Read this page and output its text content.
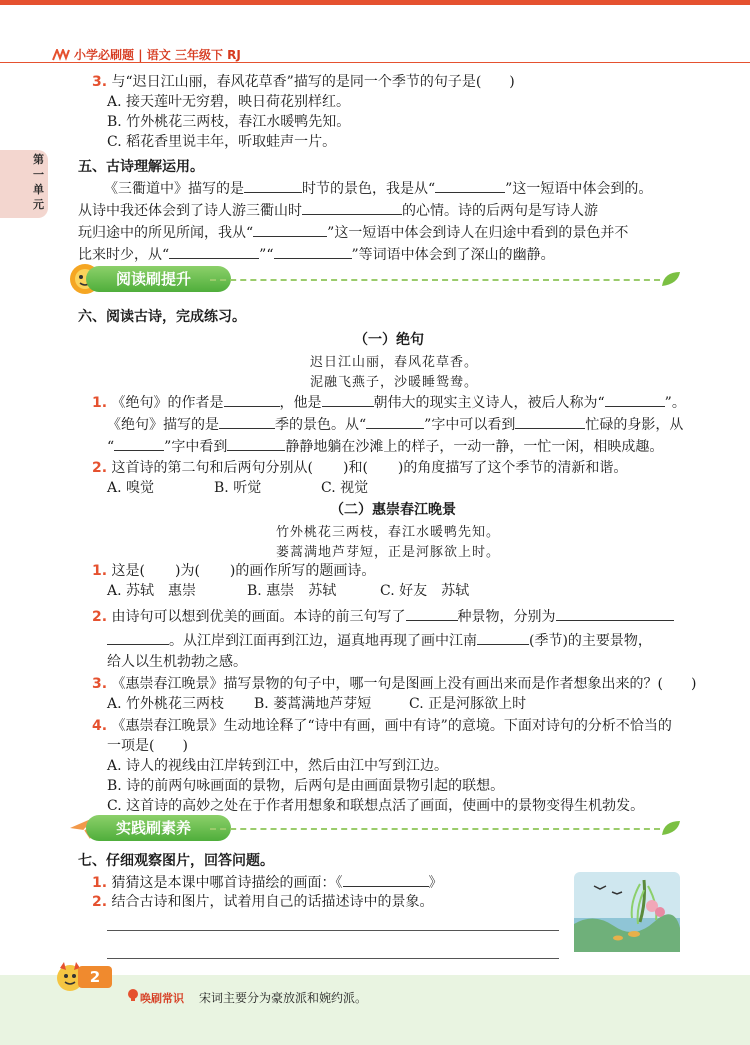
小学必刷题 | 语文 三年级下 RJ
第一单元
3. 与“迟日江山丽，春风花草香”描写的是同一个季节的句子是(　　)
A. 接天莲叶无穷碧，映日荷花别样红。
B. 竹外桃花三两枝，春江水暖鸭先知。
C. 稻花香里说丰年，听取蛙声一片。
五、古诗理解运用。
《三衢道中》描写的是	时节的景色，我是从“	”这一短语中体会到的。
从诗中我还体会到了诗人游三衢山时	的心情。诗的后两句是写诗人游
玩归途中的所见所闻，我从“	”这一短语中体会到诗人在归途中看到的景色并不
比来时少，从“	”“	”等词语中体会到了深山的幽静。
阅读刷提升
六、阅读古诗，完成练习。
（一）绝句
迟日江山丽，春风花草香。
泥融飞燕子，沙暖睡鸳鸯。
1. 《绝句》的作者是	，他是	朝伟大的现实主义诗人，被后人称为“	”。
《绝句》描写的是	季的景色。从“	”字中可以看到	忙碌的身影，从
“	”字中看到	静静地躺在沙滩上的样子，一动一静，一忙一闲，相映成趣。
2. 这首诗的第二句和后两句分别从( )和( )的角度描写了这个季节的清新和谐。
A. 嗅觉	B. 听觉	C. 视觉
（二）惠崇春江晚景
竹外桃花三两枝，春江水暖鸭先知。
蒌蒿满地芦芽短，正是河豚欲上时。
1. 这是( )为( )的画作所写的题画诗。
A. 苏轼　惠崇	B. 惠崇　苏轼	C. 好友　苏轼
2. 由诗句可以想到优美的画面。本诗的前三句写了	种景物，分别为
。从江岸到江面再到江边，逼真地再现了画中江南	(季节)的主要景物，
给人以生机勃勃之感。
3. 《惠崇春江晚景》描写景物的句子中，哪一句是图画上没有画出来而是作者想象出来的？(　　)
A. 竹外桃花三两枝 B. 蒌蒿满地芦芽短	C. 正是河豚欲上时
4. 《惠崇春江晚景》生动地诠释了“诗中有画，画中有诗”的意境。下面对诗句的分析不恰当的
一项是(　　)
A. 诗人的视线由江岸转到江中，然后由江中写到江边。
B. 诗的前两句咏画面的景物，后两句是由画面景物引起的联想。
C. 这首诗的高妙之处在于作者用想象和联想点活了画面，使画中的景物变得生机勃发。
实践刷素养
七、仔细观察图片，回答问题。
1. 猜猜这是本课中哪首诗描绘的画面：《	》
2. 结合古诗和图片，试着用自己的话描述诗中的景象。
2
唤刷常识 宋词主要分为豪放派和婉约派。
